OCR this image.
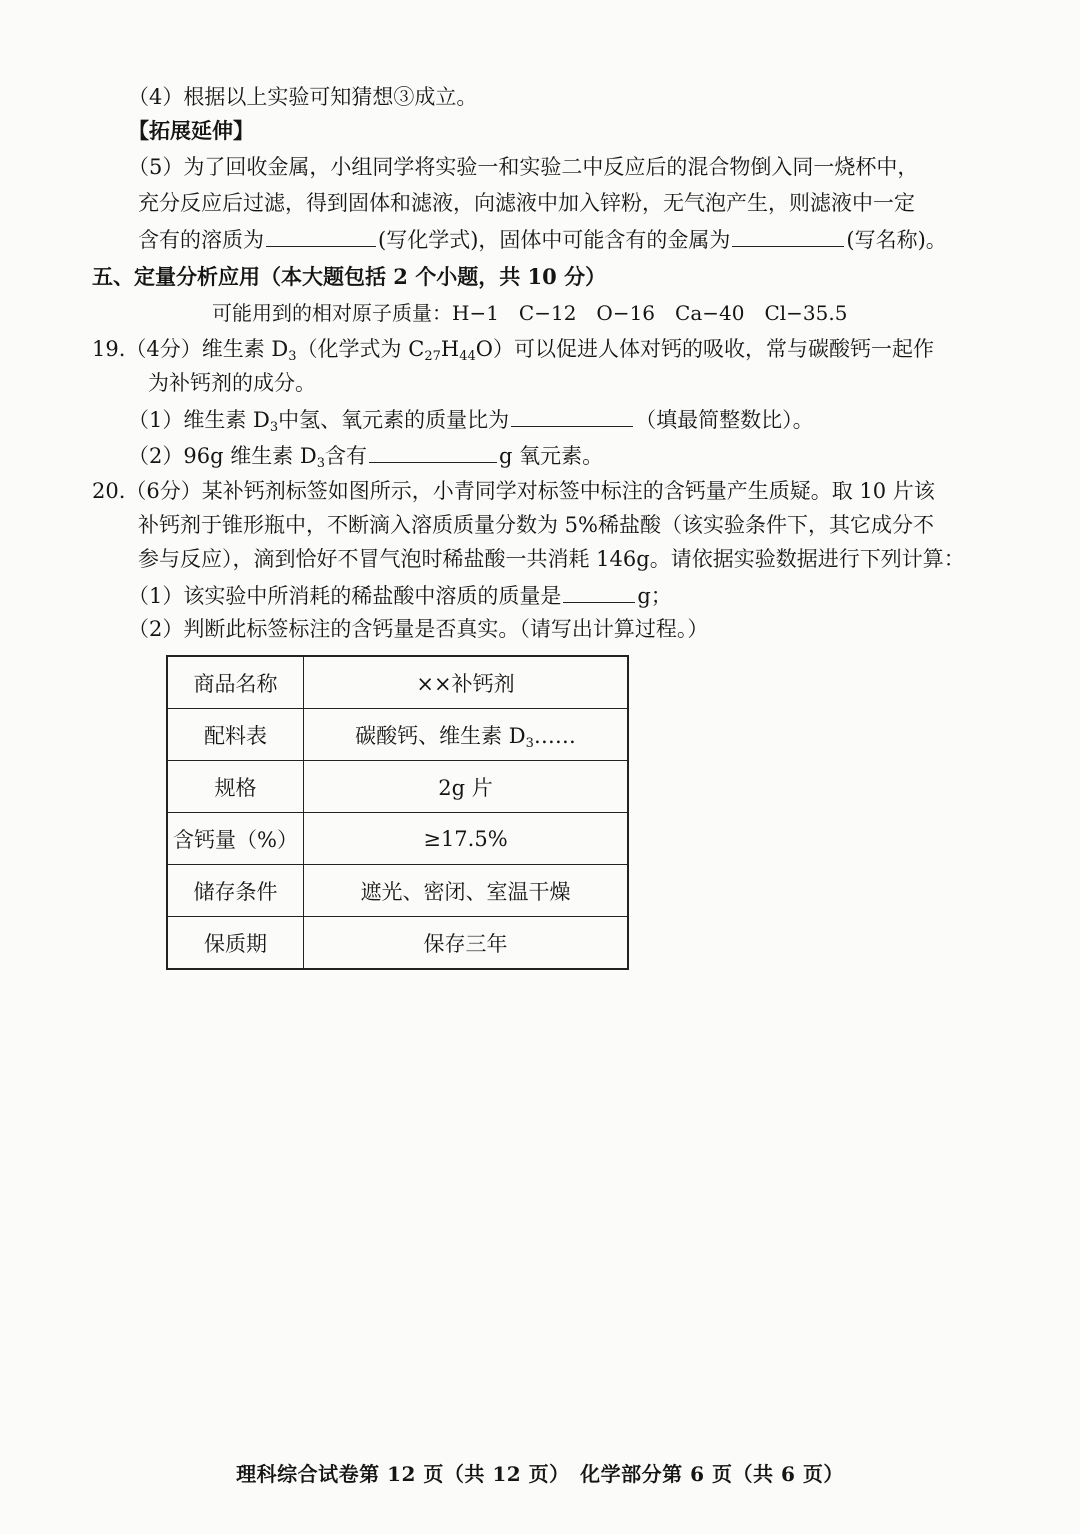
（4）根据以上实验可知猜想③成立。
【拓展延伸】
（5）为了回收金属，小组同学将实验一和实验二中反应后的混合物倒入同一烧杯中，
充分反应后过滤，得到固体和滤液，向滤液中加入锌粉，无气泡产生，则滤液中一定
含有的溶质为	(写化学式)，固体中可能含有的金属为	(写名称)。
五、定量分析应用（本大题包括 2 个小题，共 10 分）
可能用到的相对原子质量：H−1　C−12　O−16　Ca−40　Cl−35.5
19.（4分）维生素 $D_3$（化学式为 $C_{27}H_{44}O$）可以促进人体对钙的吸收，常与碳酸钙一起作
为补钙剂的成分。
（1）维生素 $D_3$中氢、氧元素的质量比为	（填最简整数比）。
（2）96g 维生素 $D_3$含有	g 氧元素。
20.（6分）某补钙剂标签如图所示，小青同学对标签中标注的含钙量产生质疑。取 10 片该
补钙剂于锥形瓶中，不断滴入溶质质量分数为 5%稀盐酸（该实验条件下，其它成分不
参与反应），滴到恰好不冒气泡时稀盐酸一共消耗 146g。请依据实验数据进行下列计算：
（1）该实验中所消耗的稀盐酸中溶质的质量是	g；
（2）判断此标签标注的含钙量是否真实。（请写出计算过程。）
商品名称	××补钙剂
配料表	碳酸钙、维生素 $D_3\dots\dots$
规格	2g 片
含钙量（%）	≥17.5%
储存条件	遮光、密闭、室温干燥
保质期	保存三年
理科综合试卷第 12 页（共 12 页）　化学部分第 6 页（共 6 页）
